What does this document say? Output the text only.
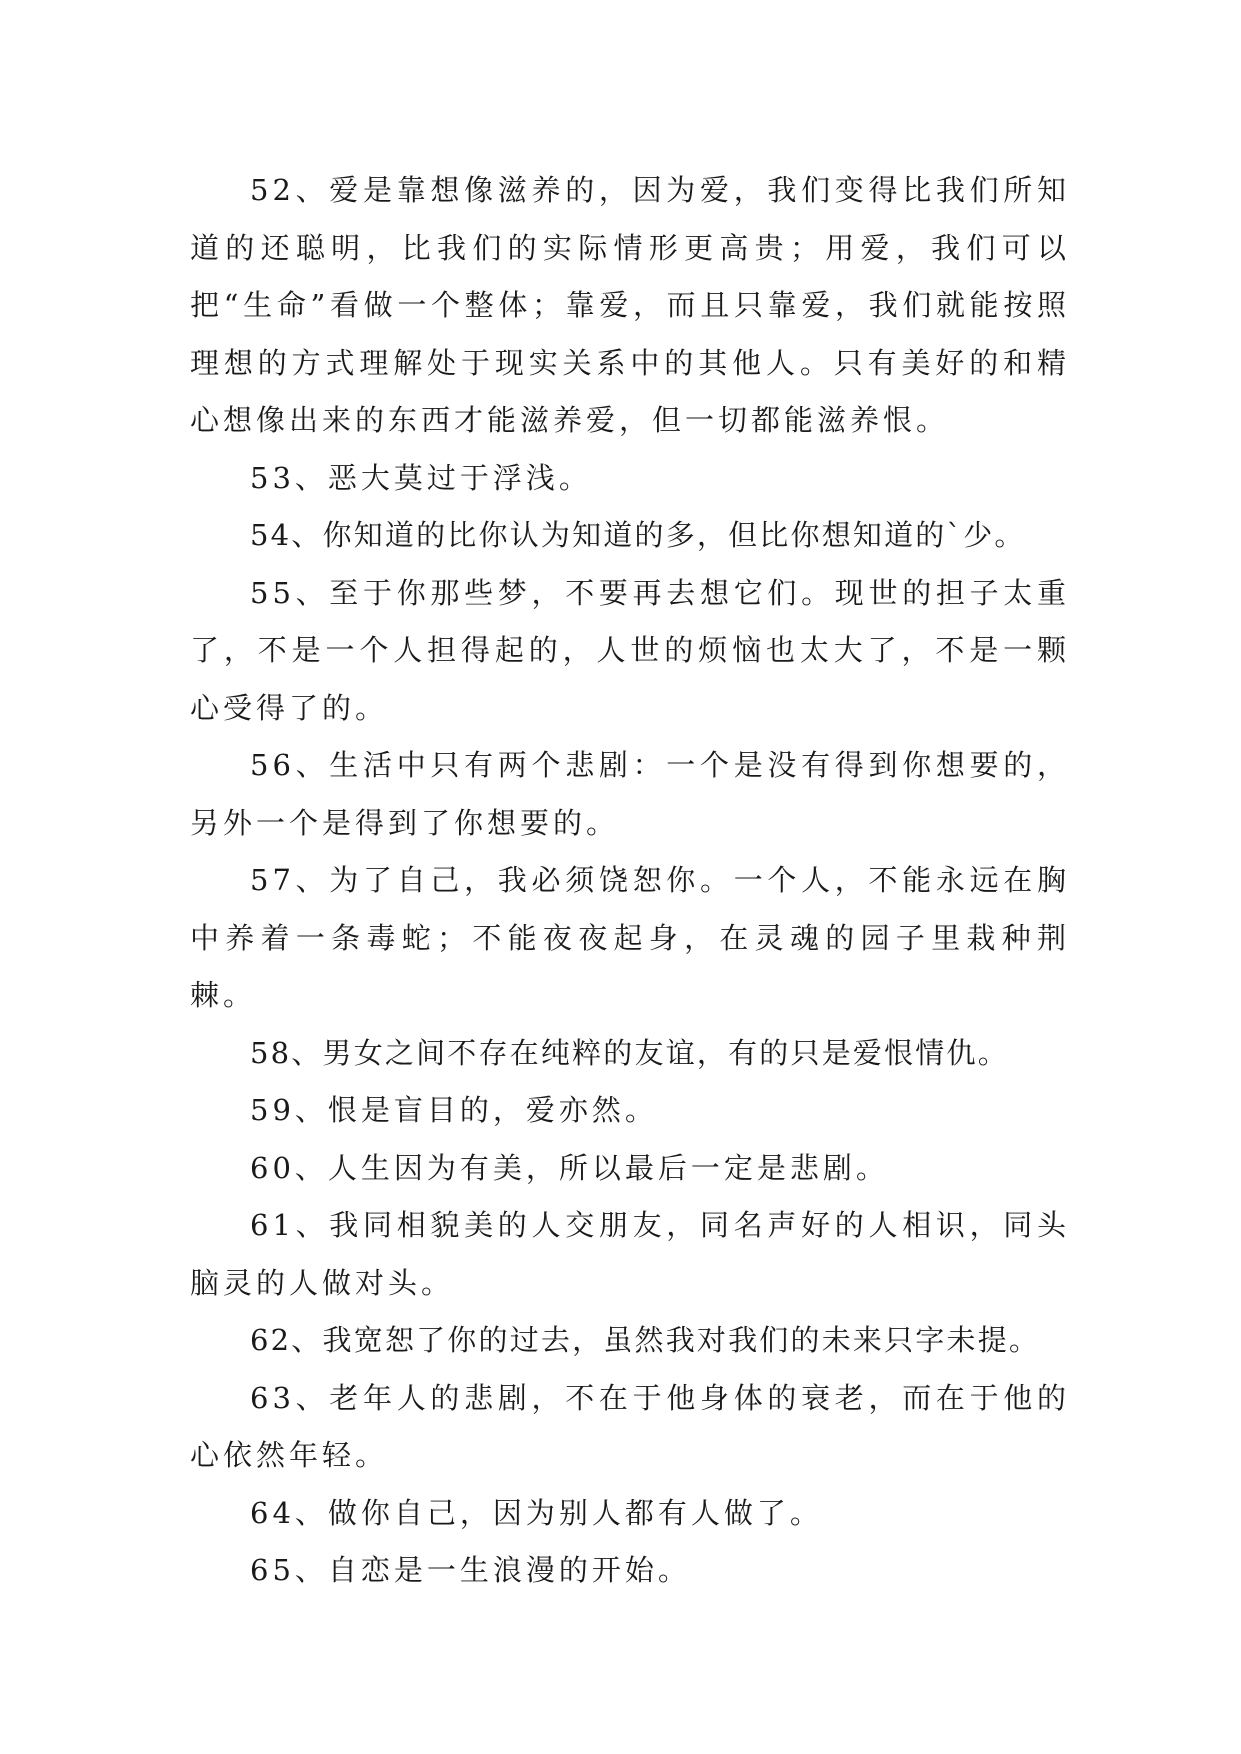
52、爱是靠想像滋养的，因为爱，我们变得比我们所知道的还聪明，比我们的实际情形更高贵；用爱，我们可以把“生命”看做一个整体；靠爱，而且只靠爱，我们就能按照理想的方式理解处于现实关系中的其他人。只有美好的和精心想像出来的东西才能滋养爱，但一切都能滋养恨。

53、恶大莫过于浮浅。

54、你知道的比你认为知道的多，但比你想知道的`少。

55、至于你那些梦，不要再去想它们。现世的担子太重了，不是一个人担得起的，人世的烦恼也太大了，不是一颗心受得了的。

56、生活中只有两个悲剧：一个是没有得到你想要的，另外一个是得到了你想要的。

57、为了自己，我必须饶恕你。一个人，不能永远在胸中养着一条毒蛇；不能夜夜起身，在灵魂的园子里栽种荆棘。

58、男女之间不存在纯粹的友谊，有的只是爱恨情仇。

59、恨是盲目的，爱亦然。

60、人生因为有美，所以最后一定是悲剧。

61、我同相貌美的人交朋友，同名声好的人相识，同头脑灵的人做对头。

62、我宽恕了你的过去，虽然我对我们的未来只字未提。

63、老年人的悲剧，不在于他身体的衰老，而在于他的心依然年轻。

64、做你自己，因为别人都有人做了。

65、自恋是一生浪漫的开始。
